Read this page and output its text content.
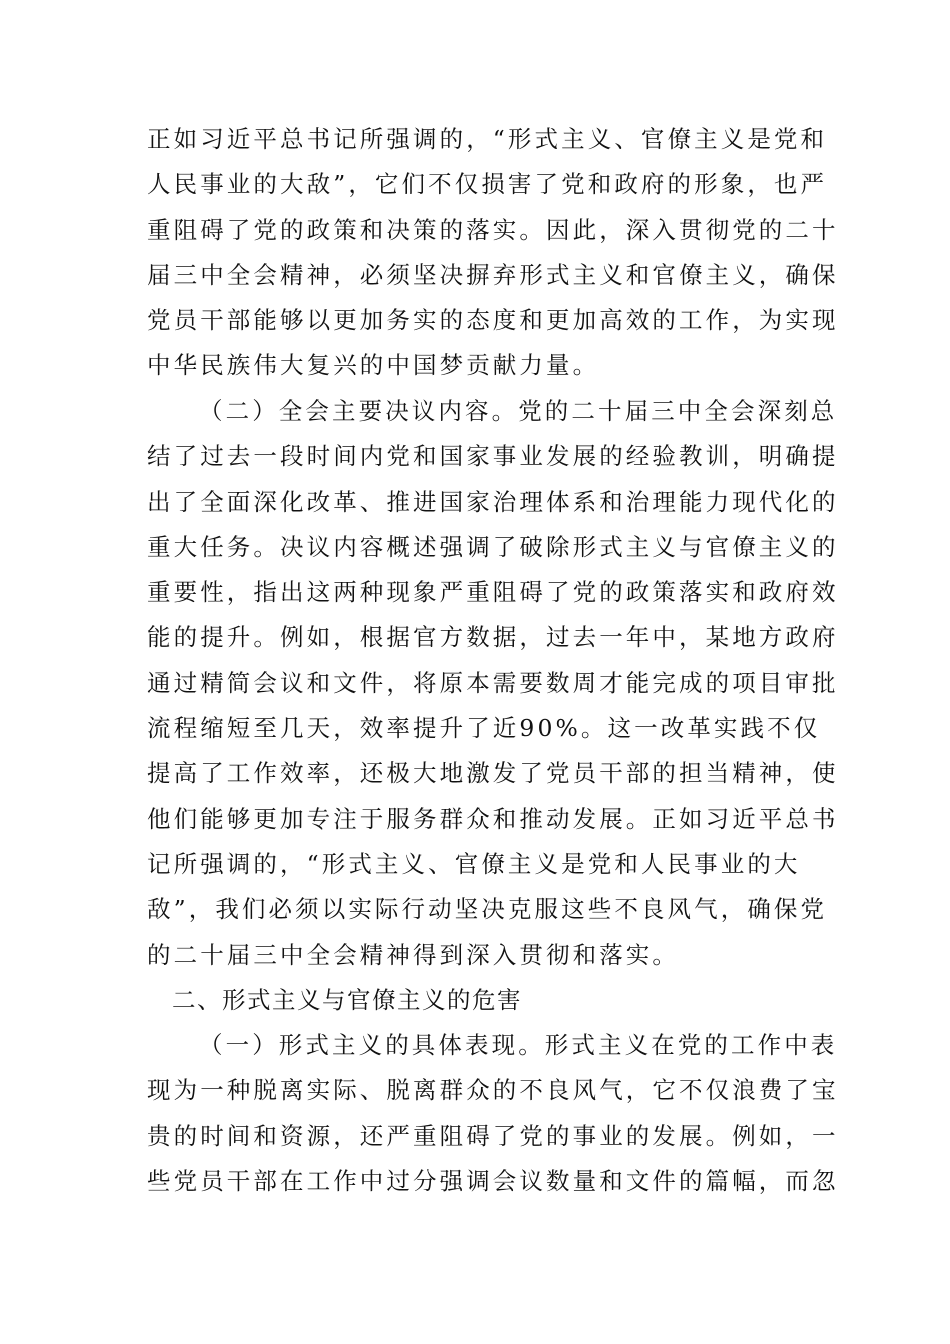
正如习近平总书记所强调的，“形式主义、官僚主义是党和
人民事业的大敌”，它们不仅损害了党和政府的形象，也严
重阻碍了党的政策和决策的落实。因此，深入贯彻党的二十
届三中全会精神，必须坚决摒弃形式主义和官僚主义，确保
党员干部能够以更加务实的态度和更加高效的工作，为实现
中华民族伟大复兴的中国梦贡献力量。
（二）全会主要决议内容。党的二十届三中全会深刻总
结了过去一段时间内党和国家事业发展的经验教训，明确提
出了全面深化改革、推进国家治理体系和治理能力现代化的
重大任务。决议内容概述强调了破除形式主义与官僚主义的
重要性，指出这两种现象严重阻碍了党的政策落实和政府效
能的提升。例如，根据官方数据，过去一年中，某地方政府
通过精简会议和文件，将原本需要数周才能完成的项目审批
流程缩短至几天，效率提升了近90%。这一改革实践不仅
提高了工作效率，还极大地激发了党员干部的担当精神，使
他们能够更加专注于服务群众和推动发展。正如习近平总书
记所强调的，“形式主义、官僚主义是党和人民事业的大
敌”，我们必须以实际行动坚决克服这些不良风气，确保党
的二十届三中全会精神得到深入贯彻和落实。
二、形式主义与官僚主义的危害
（一）形式主义的具体表现。形式主义在党的工作中表
现为一种脱离实际、脱离群众的不良风气，它不仅浪费了宝
贵的时间和资源，还严重阻碍了党的事业的发展。例如，一
些党员干部在工作中过分强调会议数量和文件的篇幅，而忽
